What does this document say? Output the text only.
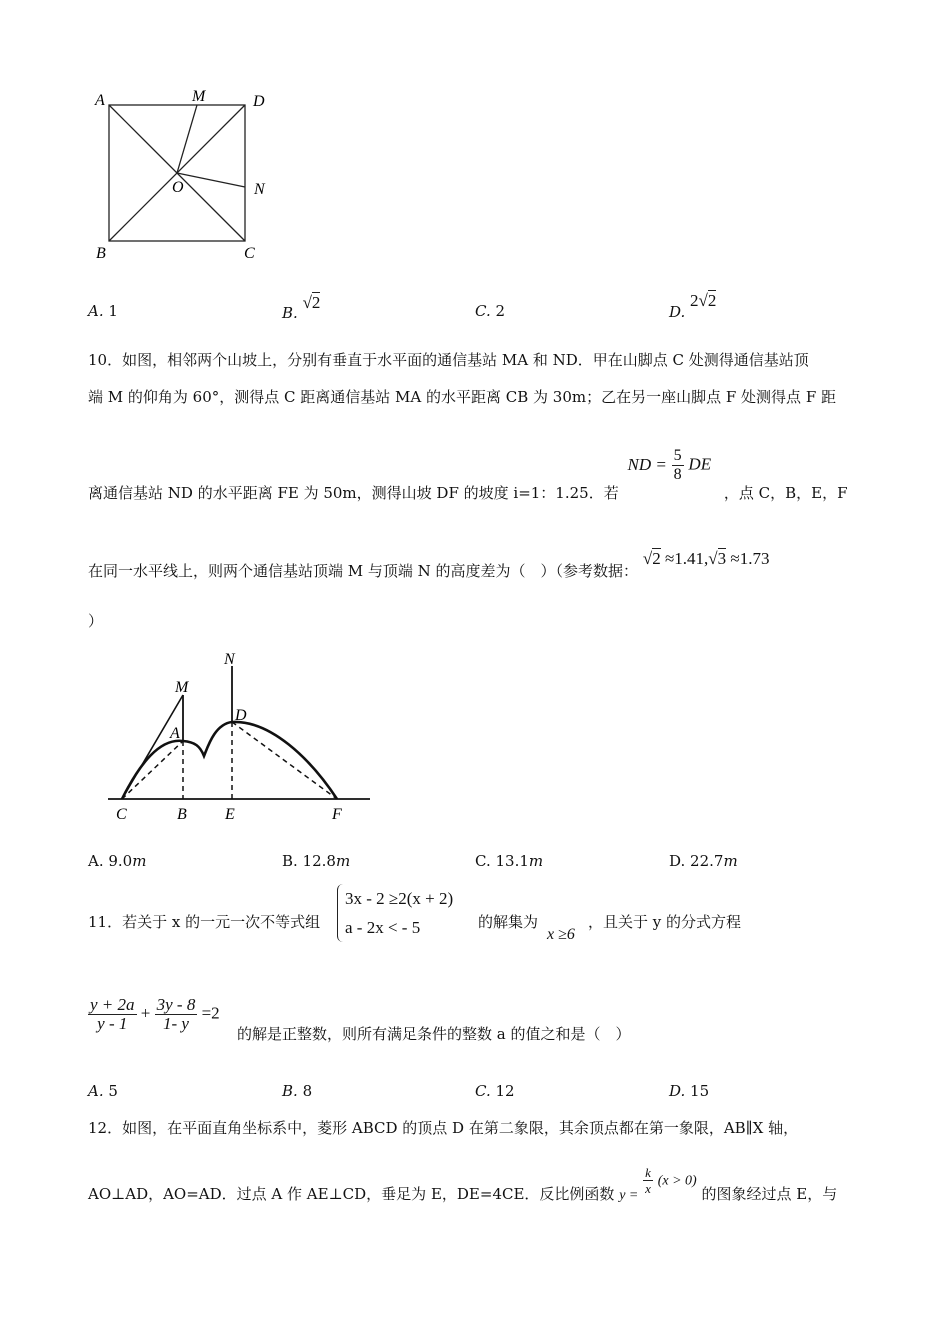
A	M	D
O	N
B	C
A. 1	B. √2	C. 2	D. 2√2
10．如图，相邻两个山坡上，分别有垂直于水平面的通信基站 MA 和 ND．甲在山脚点 C 处测得通信基站顶
端 M 的仰角为 60°，测得点 C 距离通信基站 MA 的水平距离 CB 为 30m；乙在另一座山脚点 F 处测得点 F 距
离通信基站 ND 的水平距离 FE 为 50m，测得山坡 DF 的坡度 i=1：1.25．若 ND = $\frac{5}{8}$ DE ，点 C，B，E，F
在同一水平线上，则两个通信基站顶端 M 与顶端 N 的高度差为（　）（参考数据： √2 ≈1.41,√3 ≈1.73
）
N
M
A
D
C	B E	F
A. 9.0m	B. 12.8m	C. 13.1m	D. 22.7m
11．若关于 x 的一元一次不等式组
3x - 2 ≥2(x + 2)
a - 2x < - 5	的解集为
x ≥6
，且关于 y 的分式方程
$\frac{y + 2a}{y - 1} + \frac{3y - 8}{1- y} =2$
的解是正整数，则所有满足条件的整数 a 的值之和是（　）
A. 5	B. 8	C. 12	D. 15
12．如图，在平面直角坐标系中，菱形 ABCD 的顶点 D 在第二象限，其余顶点都在第一象限，AB∥X 轴，
AO⊥AD，AO=AD．过点 A 作 AE⊥CD，垂足为 E，DE=4CE．反比例函数 $y = \frac{k}{x} (x > 0)$ 的图象经过点 E，与
